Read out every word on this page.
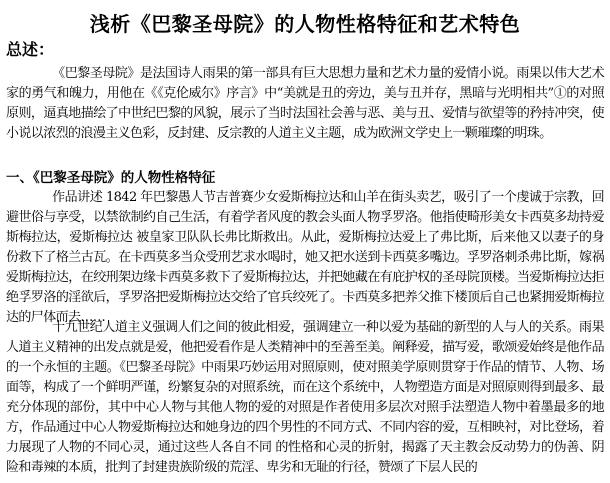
浅析《巴黎圣母院》的人物性格特征和艺术特色
总述：
《巴黎圣母院》是法国诗人雨果的第一部具有巨大思想力量和艺术力量的爱情小说。雨果以伟大艺术家的勇气和魄力，用他在《《克伦威尔》序言》中“美就是丑的旁边，美与丑并存，黑暗与光明相共”①的对照原则，逼真地描绘了中世纪巴黎的风貌，展示了当时法国社会善与恶、美与丑、爱情与欲望等的矜持冲突，使小说以浓烈的浪漫主义色彩，反封建、反宗教的人道主义主题，成为欧洲文学史上一颗璀璨的明珠。
一、《巴黎圣母院》的人物性格特征
作品讲述 1842 年巴黎愚人节吉普赛少女爱斯梅拉达和山羊在街头卖艺，吸引了一个虔诚于宗教，回避世俗与享受，以禁欲制约自己生活，有着学者风度的教会头面人物孚罗洛。他指使畸形美女卡西莫多劫持爱斯梅拉达，爱斯梅拉达 被皇家卫队队长弗比斯救出。从此，爱斯梅拉达爱上了弗比斯，后来他又以妻子的身份救下了格兰古瓦。在卡西莫多当众受刑艺求水喝时，她又把水送到卡西莫多嘴边。孚罗洛刺杀弗比斯，嫁祸爱斯梅拉达，在绞刑架边缘卡西莫多救下了爱斯梅拉达，并把她藏在有庇护权的圣母院顶楼。当爱斯梅拉达拒绝孚罗洛的淫欲后，孚罗洛把爱斯梅拉达交给了官兵绞死了。卡西莫多把养父推下楼顶后自己也紧拥爱斯梅拉达的尸体而去……
十九世纪人道主义强调人们之间的彼此相爱，强调建立一种以爱为基础的新型的人与人的关系。雨果人道主义精神的出发点就是爱，他把爱看作是人类精神中的至善至美。阐释爱，描写爱，歌颂爱始终是他作品的一个永恒的主题。《巴黎圣母院》中雨果巧妙运用对照原则，使对照美学原则贯穿于作品的情节、人物、场面等，构成了一个鲜明严谨，纷繁复杂的对照系统，而在这个系统中，人物塑造方面是对照原则得到最多、最充分体现的部份，其中中心人物与其他人物的爱的对照是作者使用多层次对照手法塑造人物中着墨最多的地方，作品通过中心人物爱斯梅拉达和她身边的四个男性的不同方式、不同内容的爱，互相映衬，对比登场，着力展现了人物的不同心灵，通过这些人各自不同 的性格和心灵的折射，揭露了天主教会反动势力的伪善、阴险和毒辣的本质，批判了封建贵族阶级的荒淫、卑劣和无耻的行径，赞颂了下层人民的
